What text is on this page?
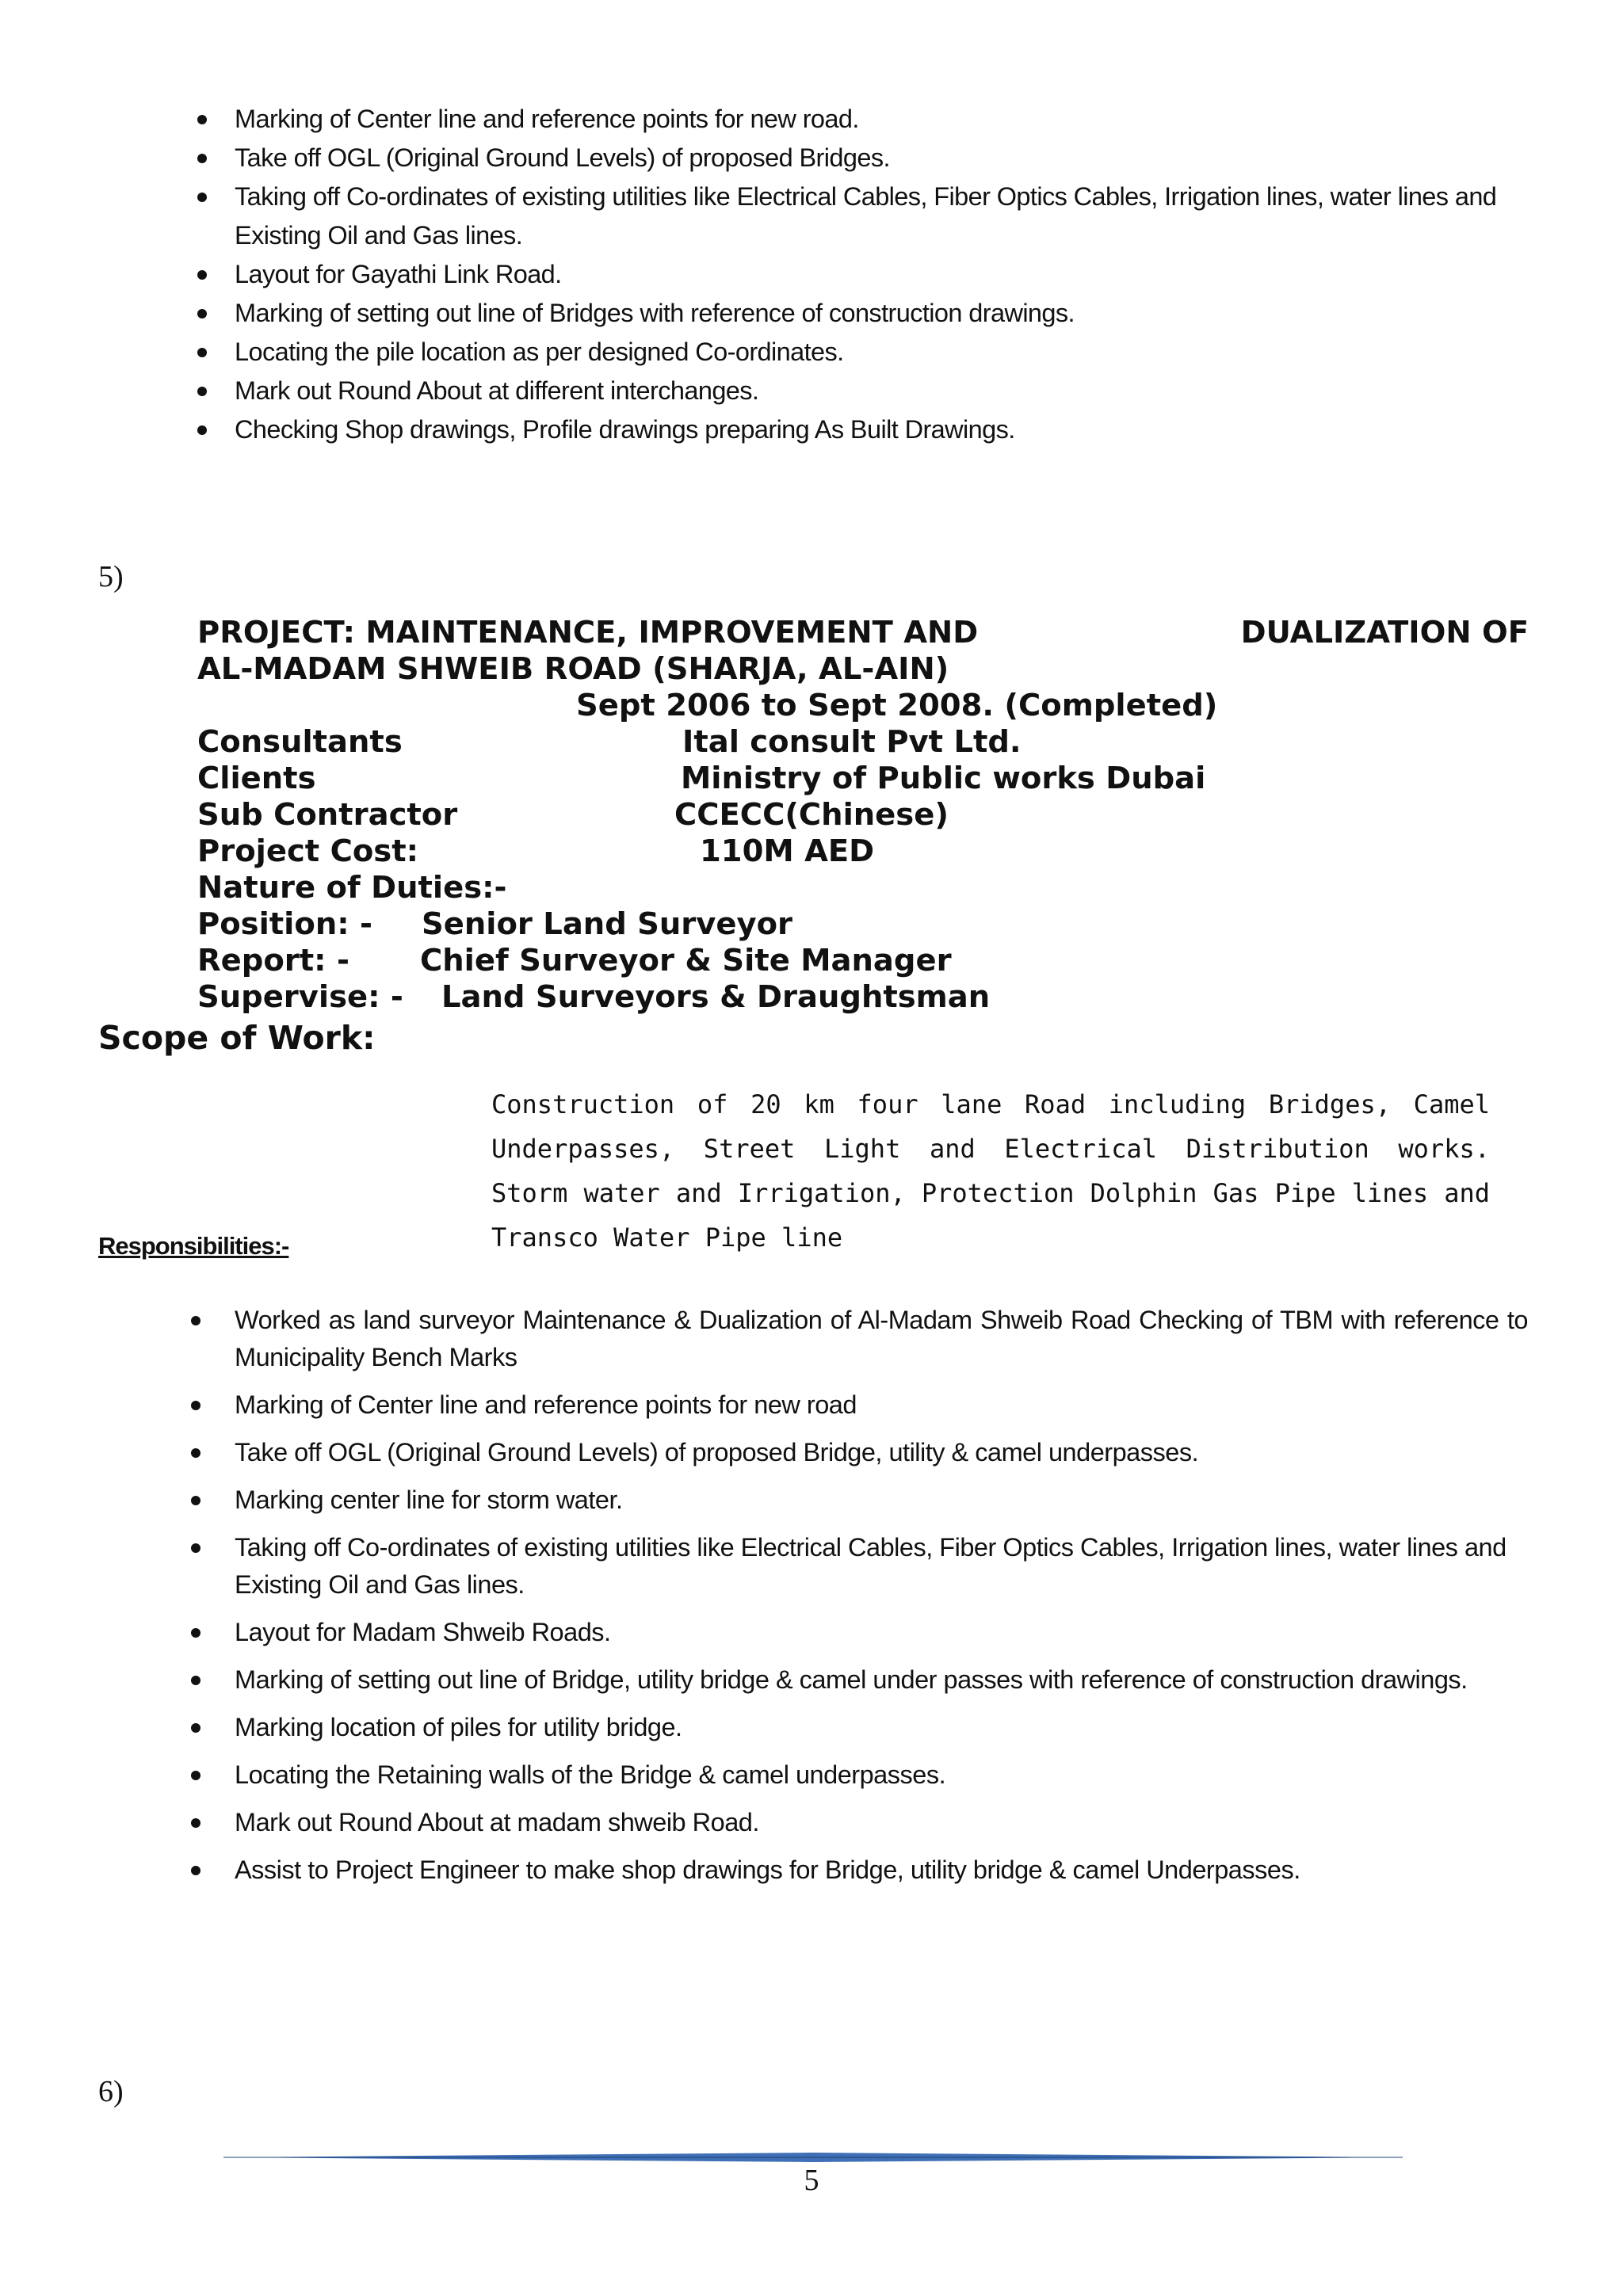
Marking of Center line and reference points for new road.
Take off OGL (Original Ground Levels) of proposed Bridges.
Taking off Co-ordinates of existing utilities like Electrical Cables, Fiber Optics Cables, Irrigation lines, water lines and Existing Oil and Gas lines.
Layout for Gayathi Link Road.
Marking of setting out line of Bridges with reference of construction drawings.
Locating the pile location as per designed Co-ordinates.
Mark out Round About at different interchanges.
Checking Shop drawings, Profile drawings preparing As Built Drawings.
5)
PROJECT: MAINTENANCE, IMPROVEMENT AND	DUALIZATION OF
AL-MADAM SHWEIB ROAD (SHARJA, AL-AIN)
Sept 2006 to Sept 2008. (Completed)
Consultants	Ital consult Pvt Ltd.
Clients	Ministry of Public works Dubai
Sub Contractor	CCECC(Chinese)
Project Cost:	110M AED
Nature of Duties:-
Position: - Senior Land Surveyor
Report: - Chief Surveyor & Site Manager
Supervise: - Land Surveyors & Draughtsman
Scope of Work:
Construction of 20 km four lane Road including Bridges, Camel Underpasses, Street Light and Electrical Distribution works. Storm water and Irrigation, Protection Dolphin Gas Pipe lines and Transco Water Pipe line
Responsibilities:-
Worked as land surveyor Maintenance & Dualization of Al-Madam Shweib Road Checking of TBM with reference to Municipality Bench Marks
Marking of Center line and reference points for new road
Take off OGL (Original Ground Levels) of proposed Bridge, utility & camel underpasses.
Marking center line for storm water.
Taking off Co-ordinates of existing utilities like Electrical Cables, Fiber Optics Cables, Irrigation lines, water lines and Existing Oil and Gas lines.
Layout for Madam Shweib Roads.
Marking of setting out line of Bridge, utility bridge & camel under passes with reference of construction drawings.
Marking location of piles for utility bridge.
Locating the Retaining walls of the Bridge & camel underpasses.
Mark out Round About at madam shweib Road.
Assist to Project Engineer to make shop drawings for Bridge, utility bridge & camel Underpasses.
6)
5
